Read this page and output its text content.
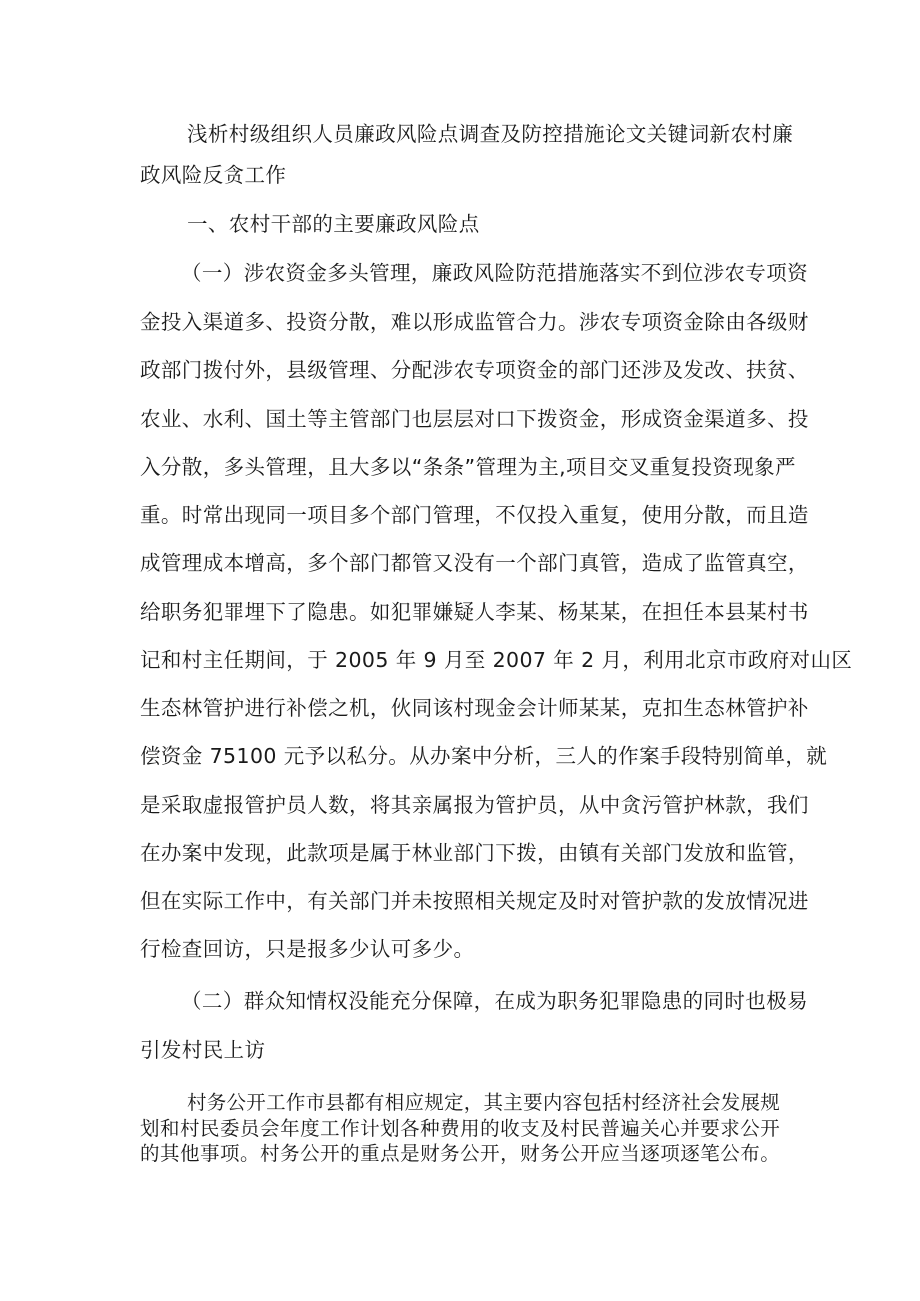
浅析村级组织人员廉政风险点调查及防控措施论文关键词新农村廉
政风险反贪工作
一、农村干部的主要廉政风险点
（一）涉农资金多头管理，廉政风险防范措施落实不到位涉农专项资
金投入渠道多、投资分散，难以形成监管合力。涉农专项资金除由各级财
政部门拨付外，县级管理、分配涉农专项资金的部门还涉及发改、扶贫、
农业、水利、国土等主管部门也层层对口下拨资金，形成资金渠道多、投
入分散，多头管理，且大多以“条条”管理为主,项目交叉重复投资现象严
重。时常出现同一项目多个部门管理，不仅投入重复，使用分散，而且造
成管理成本增高，多个部门都管又没有一个部门真管，造成了监管真空，
给职务犯罪埋下了隐患。如犯罪嫌疑人李某、杨某某，在担任本县某村书
记和村主任期间，于 2005 年 9 月至 2007 年 2 月，利用北京市政府对山区
生态林管护进行补偿之机，伙同该村现金会计师某某，克扣生态林管护补
偿资金 75100 元予以私分。从办案中分析，三人的作案手段特别简单，就
是采取虚报管护员人数，将其亲属报为管护员，从中贪污管护林款，我们
在办案中发现，此款项是属于林业部门下拨，由镇有关部门发放和监管，
但在实际工作中，有关部门并未按照相关规定及时对管护款的发放情况进
行检查回访，只是报多少认可多少。
（二）群众知情权没能充分保障，在成为职务犯罪隐患的同时也极易
引发村民上访
村务公开工作市县都有相应规定，其主要内容包括村经济社会发展规
划和村民委员会年度工作计划各种费用的收支及村民普遍关心并要求公开
的其他事项。村务公开的重点是财务公开，财务公开应当逐项逐笔公布。
